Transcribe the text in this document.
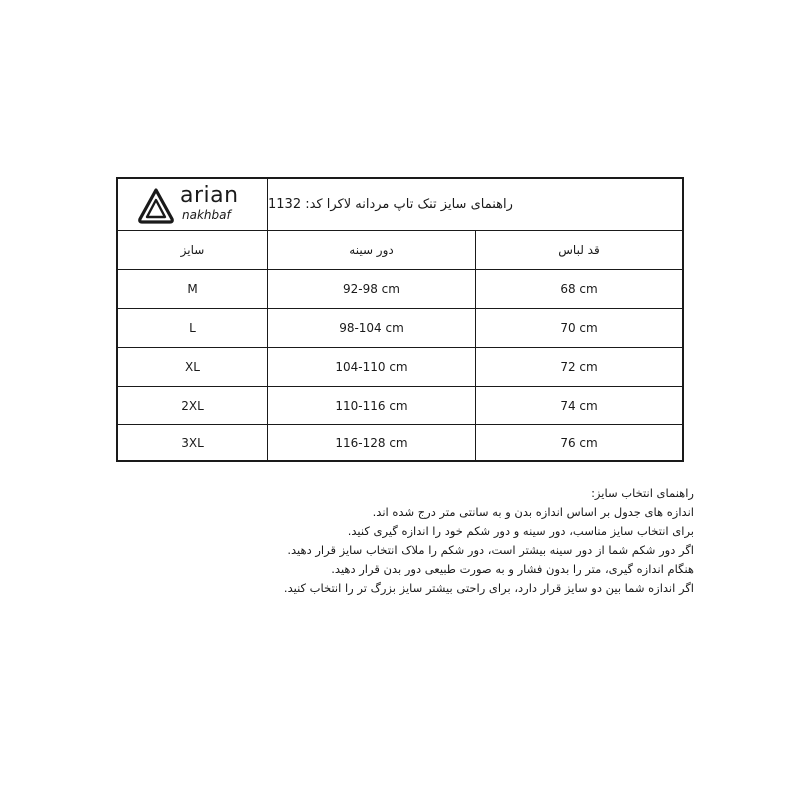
arian
nakhbaf
راهنمای سایز تنک تاپ مردانه لاکرا کد: 1132
سایز	دور سینه	قد لباس
M	92-98 cm	68 cm
L	98-104 cm	70 cm
XL	104-110 cm	72 cm
2XL	110-116 cm	74 cm
3XL	116-128 cm	76 cm

راهنمای انتخاب سایز:

اندازه های جدول بر اساس اندازه بدن و به سانتی متر درج شده اند.

برای انتخاب سایز مناسب، دور سینه و دور شکم خود را اندازه گیری کنید.

اگر دور شکم شما از دور سینه بیشتر است، دور شکم را ملاک انتخاب سایز قرار دهید.

هنگام اندازه گیری، متر را بدون فشار و به صورت طبیعی دور بدن قرار دهید.

اگر اندازه شما بین دو سایز قرار دارد، برای راحتی بیشتر سایز بزرگ تر را انتخاب کنید.
